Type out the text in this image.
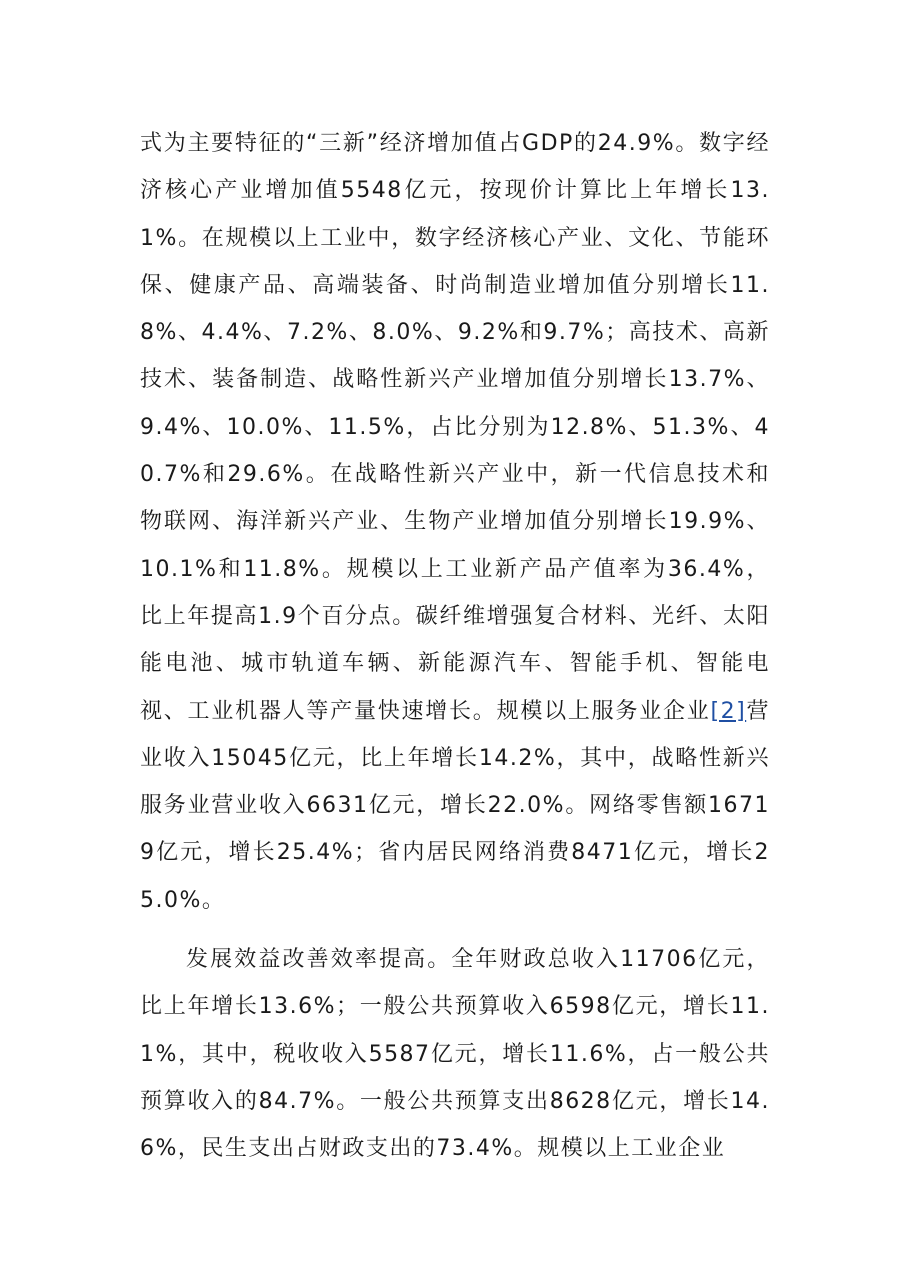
式为主要特征的“三新”经济增加值占GDP的24.9%。数字经济核心产业增加值5548亿元，按现价计算比上年增长13.1%。在规模以上工业中，数字经济核心产业、文化、节能环保、健康产品、高端装备、时尚制造业增加值分别增长11.8%、4.4%、7.2%、8.0%、9.2%和9.7%；高技术、高新技术、装备制造、战略性新兴产业增加值分别增长13.7%、9.4%、10.0%、11.5%，占比分别为12.8%、51.3%、40.7%和29.6%。在战略性新兴产业中，新一代信息技术和物联网、海洋新兴产业、生物产业增加值分别增长19.9%、10.1%和11.8%。规模以上工业新产品产值率为36.4%，比上年提高1.9个百分点。碳纤维增强复合材料、光纤、太阳能电池、城市轨道车辆、新能源汽车、智能手机、智能电视、工业机器人等产量快速增长。规模以上服务业企业[2]营业收入15045亿元，比上年增长14.2%，其中，战略性新兴服务业营业收入6631亿元，增长22.0%。网络零售额16719亿元，增长25.4%；省内居民网络消费8471亿元，增长25.0%。

发展效益改善效率提高。全年财政总收入11706亿元，比上年增长13.6%；一般公共预算收入6598亿元，增长11.1%，其中，税收收入5587亿元，增长11.6%，占一般公共预算收入的84.7%。一般公共预算支出8628亿元，增长14.6%，民生支出占财政支出的73.4%。规模以上工业企业
